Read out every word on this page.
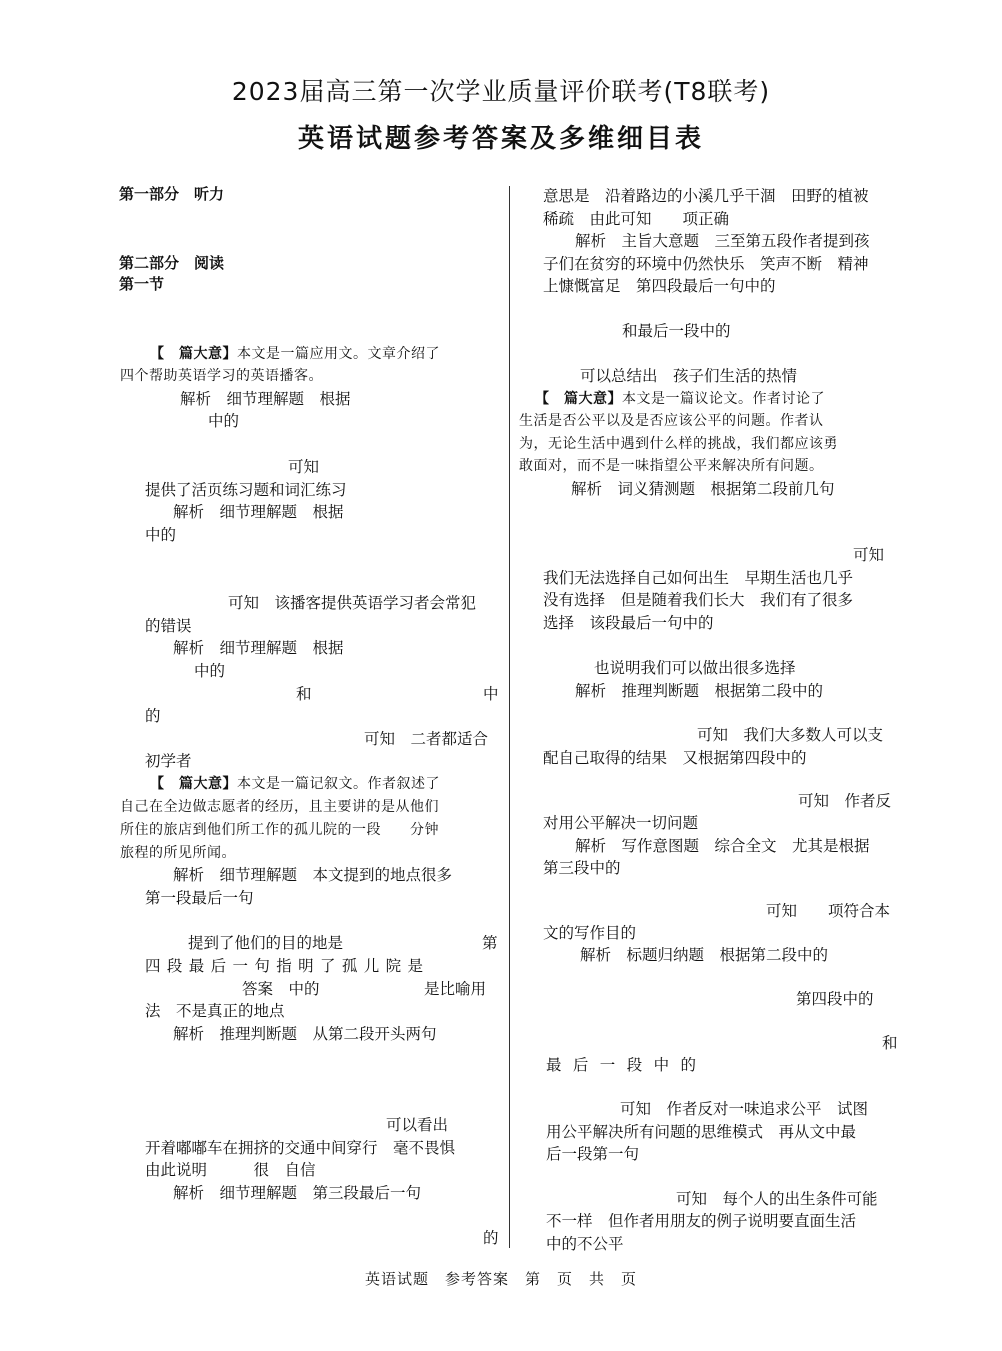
2023届高三第一次学业质量评价联考(T8联考)
英语试题参考答案及多维细目表
第一部分　听力
第二部分　阅读
第一节
【　篇大意】本文是一篇应用文。文章介绍了
四个帮助英语学习的英语播客。
解析　细节理解题　根据
中的
可知
提供了活页练习题和词汇练习
解析　细节理解题　根据
中的
可知　该播客提供英语学习者会常犯
的错误
解析　细节理解题　根据
中的
和	中
的
可知　二者都适合
初学者
【　篇大意】本文是一篇记叙文。作者叙述了
自己在全边做志愿者的经历，且主要讲的是从他们
所住的旅店到他们所工作的孤儿院的一段　　分钟
旅程的所见所闻。
解析　细节理解题　本文提到的地点很多
第一段最后一句
提到了他们的目的地是	第
四段最后一句指明了孤儿院是
答案　中的	是比喻用
法　不是真正的地点
解析　推理判断题　从第二段开头两句
可以看出
开着嘟嘟车在拥挤的交通中间穿行　毫不畏惧
由此说明　　　很　自信
解析　细节理解题　第三段最后一句
的
意思是　沿着路边的小溪几乎干涸　田野的植被
稀疏　由此可知　　项正确
解析　主旨大意题　三至第五段作者提到孩
子们在贫穷的环境中仍然快乐　笑声不断　精神
上慷慨富足　第四段最后一句中的
和最后一段中的
可以总结出　孩子们生活的热情
【　篇大意】本文是一篇议论文。作者讨论了
生活是否公平以及是否应该公平的问题。作者认
为，无论生活中遇到什么样的挑战，我们都应该勇
敢面对，而不是一味指望公平来解决所有问题。
解析　词义猜测题　根据第二段前几句
可知
我们无法选择自己如何出生　早期生活也几乎
没有选择　但是随着我们长大　我们有了很多
选择　该段最后一句中的
也说明我们可以做出很多选择
解析　推理判断题　根据第二段中的
可知　我们大多数人可以支
配自己取得的结果　又根据第四段中的
可知　作者反
对用公平解决一切问题
解析　写作意图题　综合全文　尤其是根据
第三段中的
可知　　项符合本
文的写作目的
解析　标题归纳题　根据第二段中的
第四段中的
和
最后一段中的
可知　作者反对一味追求公平　试图
用公平解决所有问题的思维模式　再从文中最
后一段第一句
可知　每个人的出生条件可能
不一样　但作者用朋友的例子说明要直面生活
中的不公平
英语试题　参考答案　第　页　共　页
